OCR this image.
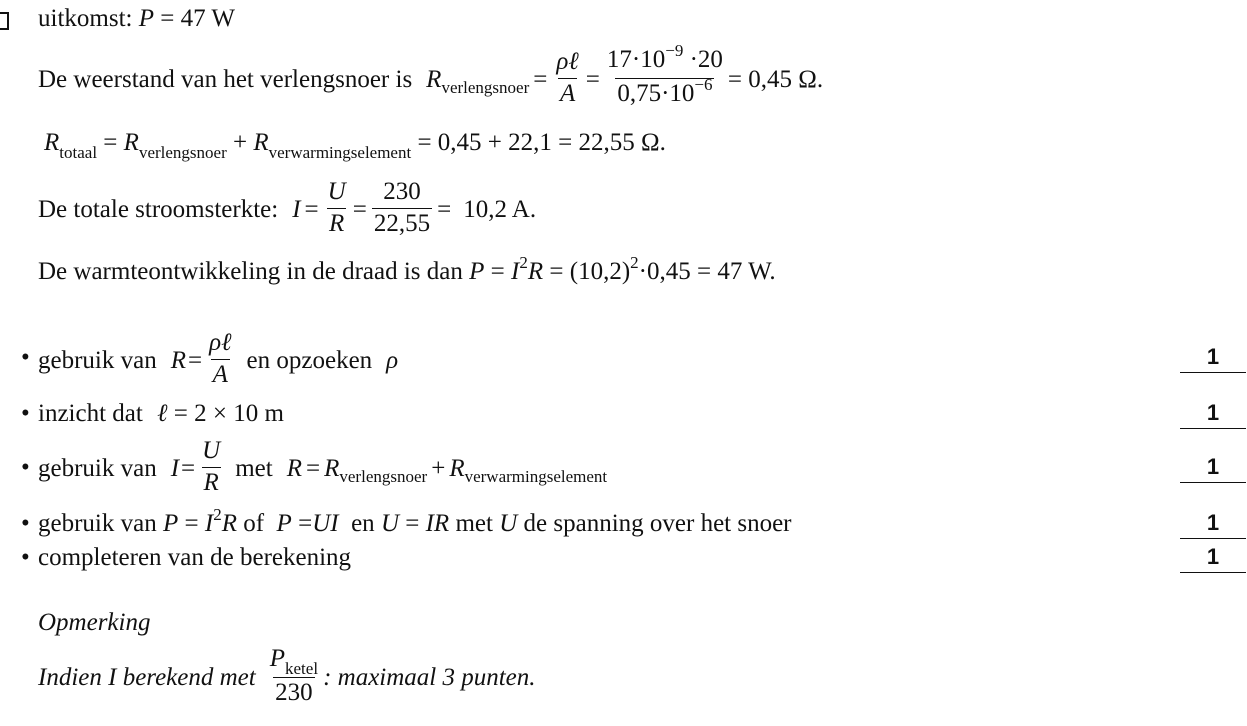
uitkomst: P = 47 W
De weerstand van het verlengsnoer is R verlengsnoer = $\frac{\text{ρℓ}}{A} = \frac{17\cdot 10^{-9} \cdot 20}{0,75\cdot 10^{-6}} = 0,45$ Ω.
$R_{totaal} = R_{verlengsnoer} + R_{verwarmingselement} = 0,45 + 22,1 = 22,55$ Ω.
De totale stroomsterkte: $I = \frac{U}{R} = \frac{230}{22,55} = 10,2$ A.
De warmteontwikkeling in de draad is dan $P = I^2R = (10,2)^2\cdot 0,45 = 47$ W.
• gebruik van $R = \frac{\text{ρℓ}}{A}$ en opzoeken ρ	1
• inzicht dat ℓ = 2 × 10 m	1
• gebruik van $I = \frac{U}{R}$ met R = R verlengsnoer + R verwarmingselement	1
• gebruik van $P = I^2R$ of P =UI en U = IR met U de spanning over het snoer	1
• completeren van de berekening	1
Opmerking
Indien I berekend met $\frac{P_{ketel}}{230}$ : maximaal 3 punten.
